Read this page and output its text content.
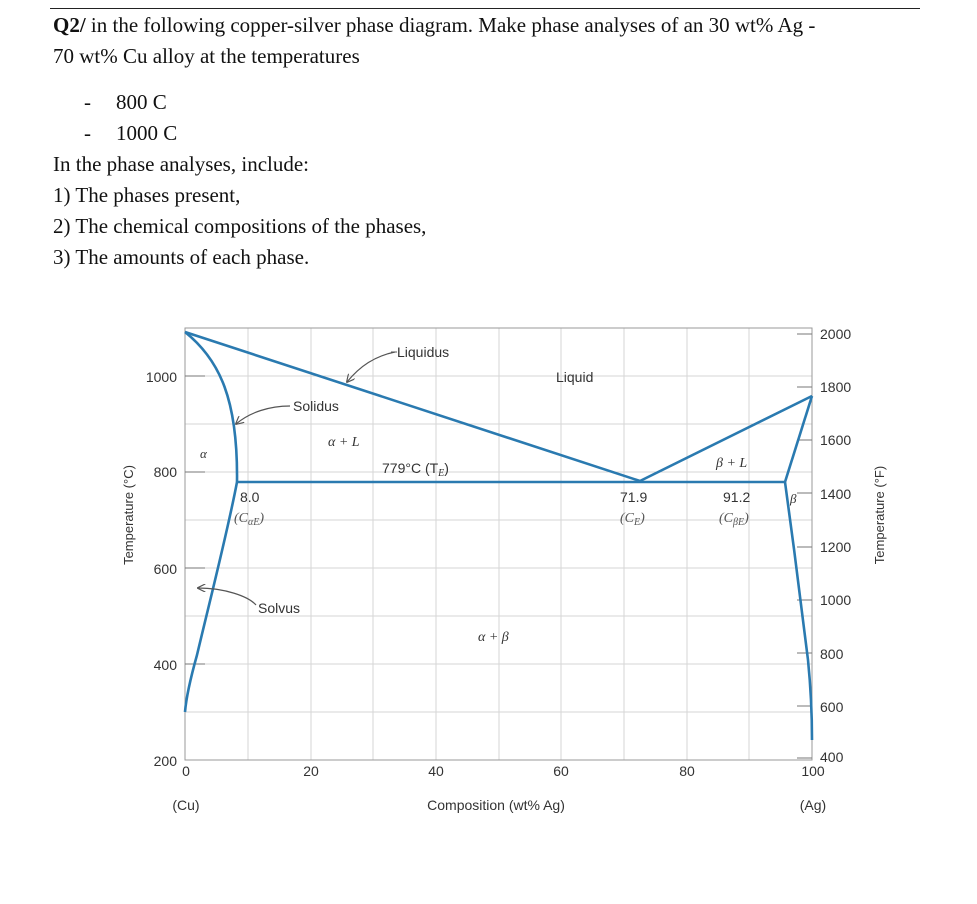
Q2/ in the following copper-silver phase diagram. Make phase analyses of an 30 wt% Ag -
70 wt% Cu alloy at the temperatures
- 800 C
- 1000 C
In the phase analyses, include:
1) The phases present,
2) The chemical compositions of the phases,
3) The amounts of each phase.
1000
800
600
400
200
2000
1800
1600
1400
1200
1000
800
600
400
0	20	40	60	80	100
Composition (wt% Ag)
(Cu)	(Ag)
Temperature (°C)	Temperature (°F)
Liquidus
Liquid
Solidus
α
α + L
779°C $(T_E)$	β + L
β
8.0
$(C_{\alpha E})$
71.9
$(C_E)$
91.2
$(C_{\beta E})$
Solvus
α + β
